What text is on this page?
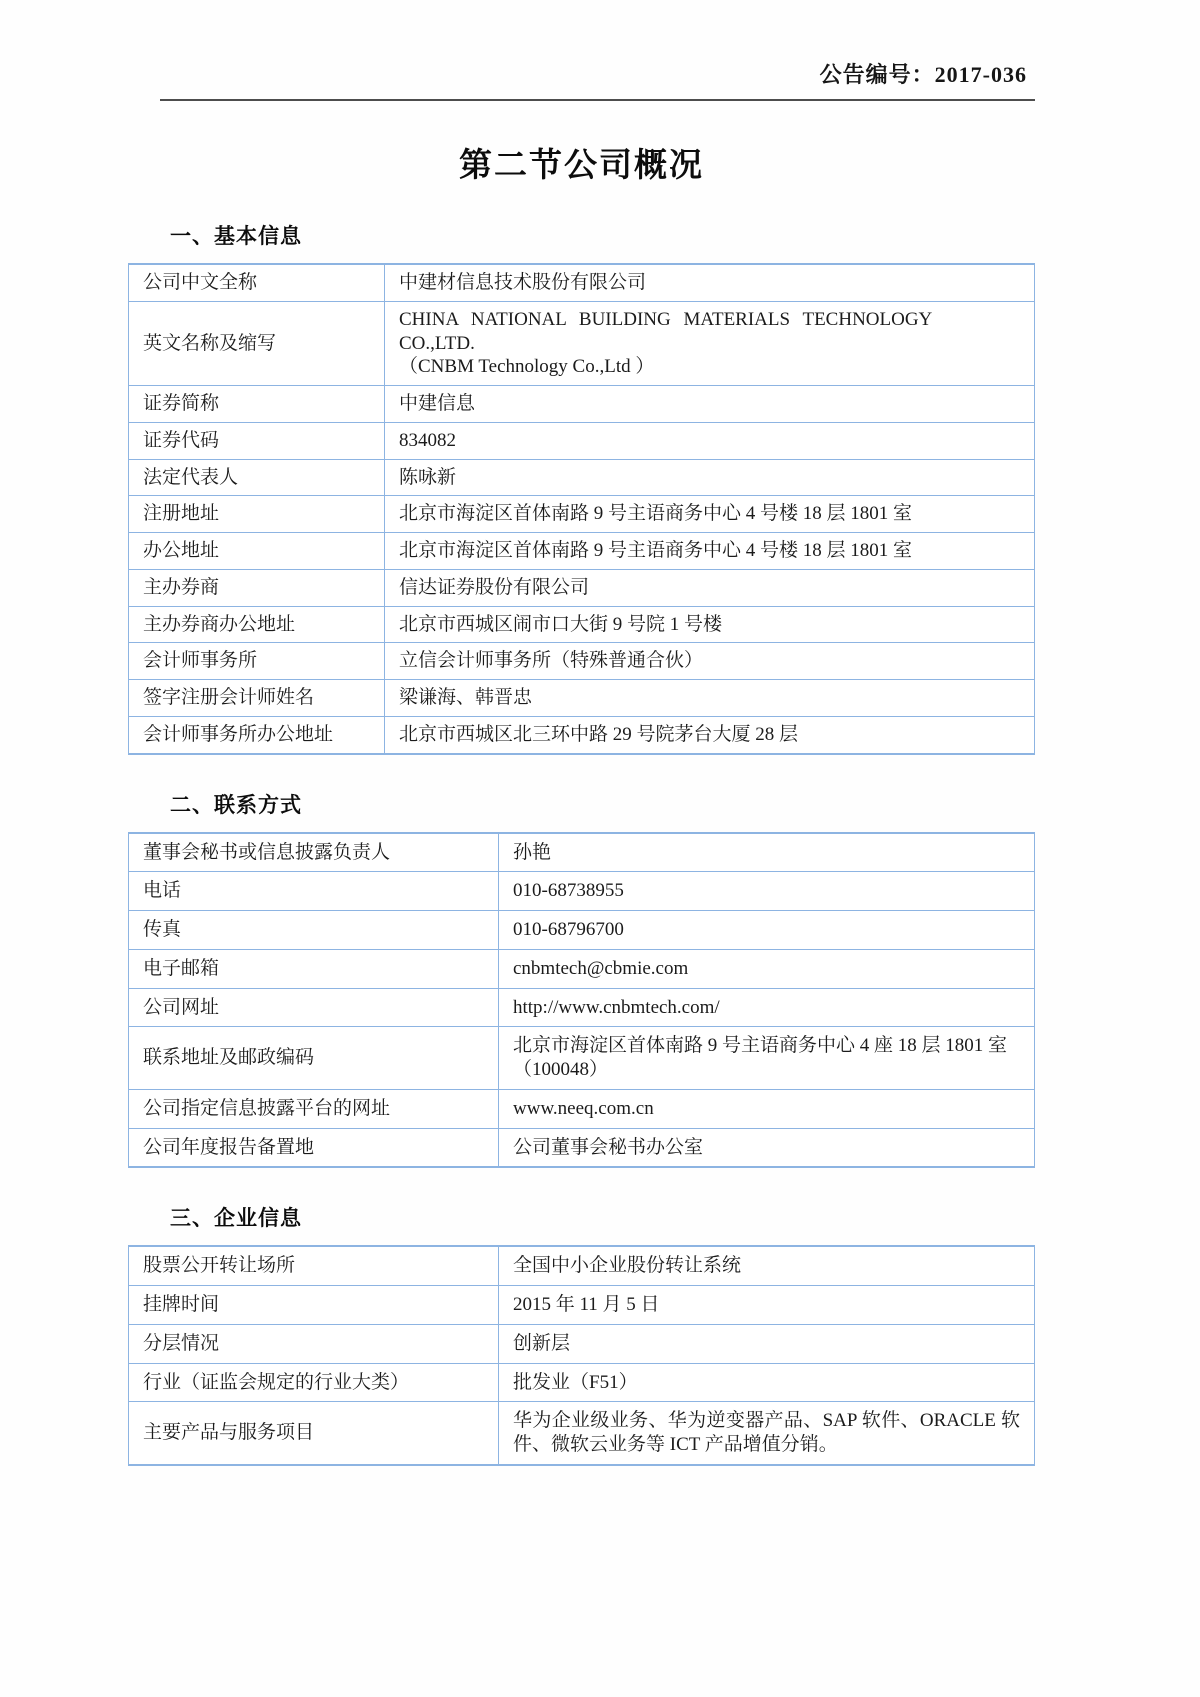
公告编号：2017-036
第二节公司概况
一、基本信息
公司中文全称	中建材信息技术股份有限公司
英文名称及缩写	CHINA NATIONAL BUILDING MATERIALS TECHNOLOGY CO.,LTD.
（CNBM Technology Co.,Ltd ）

证券简称	中建信息
证券代码	834082
法定代表人	陈咏新
注册地址	北京市海淀区首体南路 9 号主语商务中心 4 号楼 18 层 1801 室
办公地址	北京市海淀区首体南路 9 号主语商务中心 4 号楼 18 层 1801 室
主办券商	信达证券股份有限公司
主办券商办公地址	北京市西城区闹市口大街 9 号院 1 号楼
会计师事务所	立信会计师事务所（特殊普通合伙）
签字注册会计师姓名	梁谦海、韩晋忠
会计师事务所办公地址	北京市西城区北三环中路 29 号院茅台大厦 28 层
二、联系方式
董事会秘书或信息披露负责人	孙艳
电话	010-68738955
传真	010-68796700
电子邮箱	cnbmtech@cbmie.com
公司网址	http://www.cnbmtech.com/
联系地址及邮政编码	北京市海淀区首体南路 9 号主语商务中心 4 座 18 层 1801 室
（100048）

公司指定信息披露平台的网址	www.neeq.com.cn
公司年度报告备置地	公司董事会秘书办公室
三、企业信息
股票公开转让场所	全国中小企业股份转让系统
挂牌时间	2015 年 11 月 5 日
分层情况	创新层
行业（证监会规定的行业大类）	批发业（F51）
主要产品与服务项目	华为企业级业务、华为逆变器产品、SAP 软件、ORACLE 软件、微软云业务等 ICT 产品增值分销。
